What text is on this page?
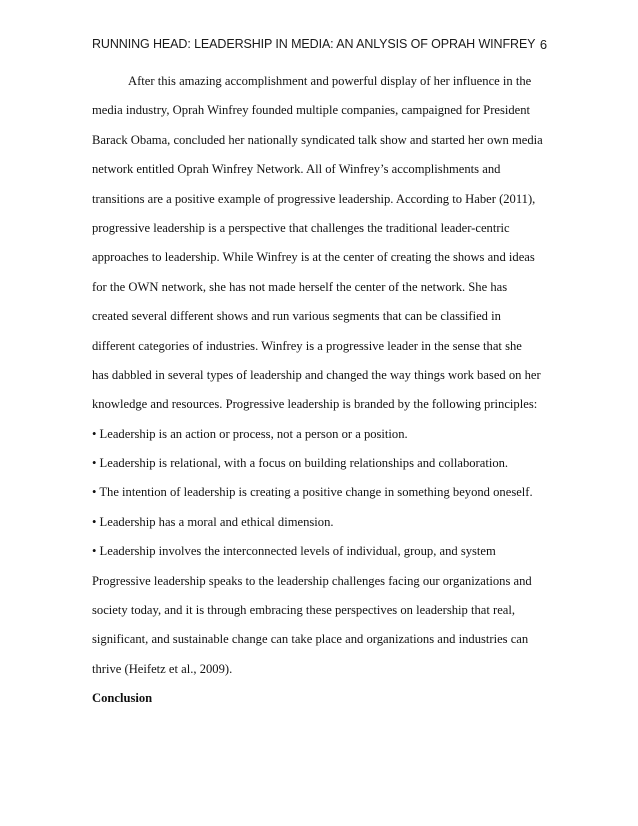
RUNNING HEAD: LEADERSHIP IN MEDIA: AN ANLYSIS OF OPRAH WINFREY 6
After this amazing accomplishment and powerful display of her influence in the
media industry, Oprah Winfrey founded multiple companies, campaigned for President
Barack Obama, concluded her nationally syndicated talk show and started her own media
network entitled Oprah Winfrey Network. All of Winfrey’s accomplishments and
transitions are a positive example of progressive leadership. According to Haber (2011),
progressive leadership is a perspective that challenges the traditional leader-centric
approaches to leadership. While Winfrey is at the center of creating the shows and ideas
for the OWN network, she has not made herself the center of the network. She has
created several different shows and run various segments that can be classified in
different categories of industries. Winfrey is a progressive leader in the sense that she
has dabbled in several types of leadership and changed the way things work based on her
knowledge and resources. Progressive leadership is branded by the following principles:
• Leadership is an action or process, not a person or a position.
• Leadership is relational, with a focus on building relationships and collaboration.
• The intention of leadership is creating a positive change in something beyond oneself.
• Leadership has a moral and ethical dimension.
• Leadership involves the interconnected levels of individual, group, and system
Progressive leadership speaks to the leadership challenges facing our organizations and
society today, and it is through embracing these perspectives on leadership that real,
significant, and sustainable change can take place and organizations and industries can
thrive (Heifetz et al., 2009).
Conclusion
